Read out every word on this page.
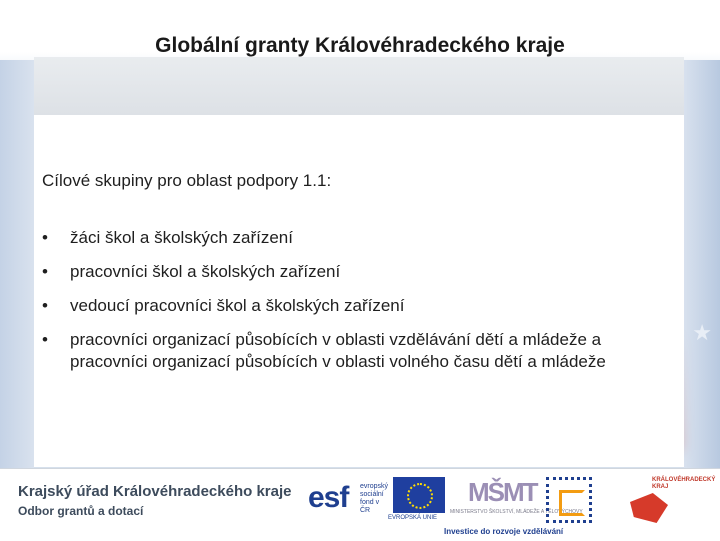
★
Globální granty Královéhradeckého kraje
Cílové skupiny pro oblast podpory 1.1:
• žáci škol a školských zařízení
• pracovníci škol a školských zařízení
• vedoucí pracovníci škol a školských zařízení
• pracovníci organizací působících v oblasti vzdělávání dětí a mládeže a pracovníci organizací působících v oblasti volného času dětí a mládeže
Krajský úřad Královéhradeckého kraje
Odbor grantů a dotací	esf evropský sociální fond v ČR
EVROPSKÁ UNIE
MŠMT
MINISTERSTVO ŠKOLSTVÍ, MLÁDEŽE A TĚLOVÝCHOVY
Investice do rozvoje vzdělávání
KRÁLOVÉHRADECKÝ KRAJ
